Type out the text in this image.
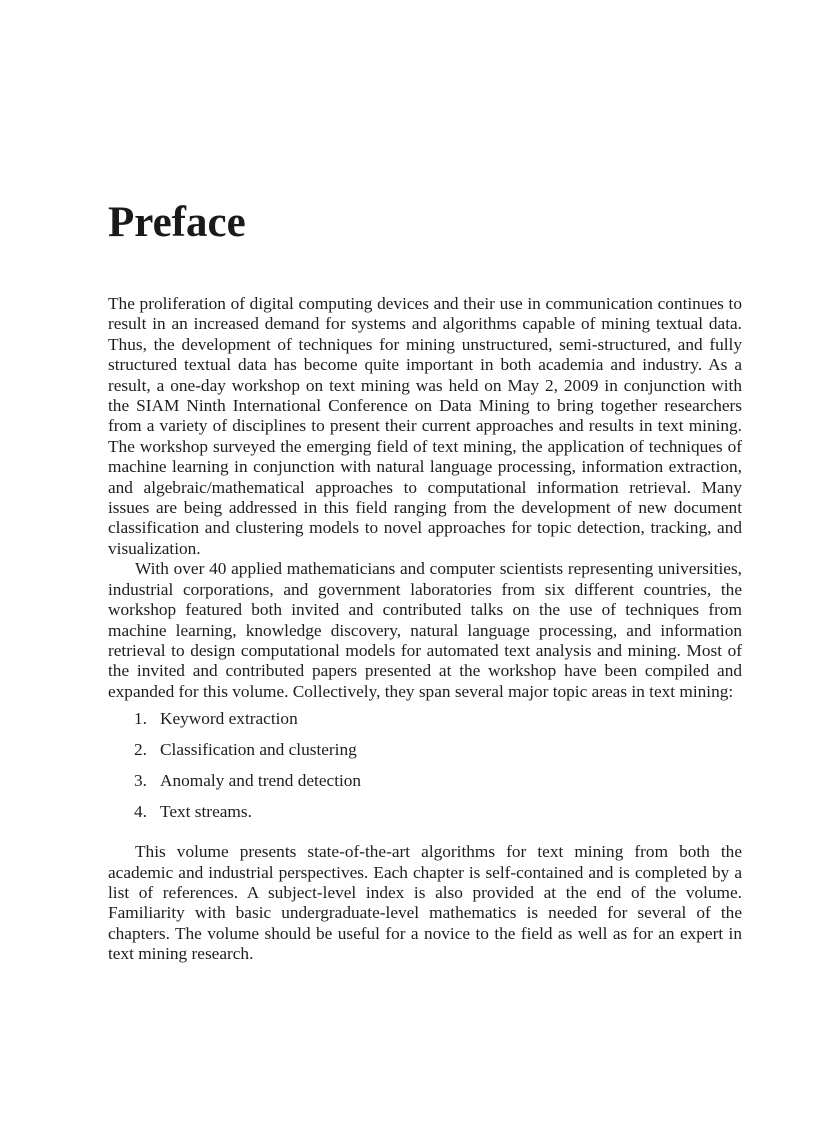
Preface

The proliferation of digital computing devices and their use in communication continues to result in an increased demand for systems and algorithms capable of mining textual data. Thus, the development of techniques for mining unstructured, semi-structured, and fully structured textual data has become quite important in both academia and industry. As a result, a one-day workshop on text mining was held on May 2, 2009 in conjunction with the SIAM Ninth International Conference on Data Mining to bring together researchers from a variety of disciplines to present their current approaches and results in text mining. The workshop surveyed the emerging field of text mining, the application of techniques of machine learning in conjunction with natural language processing, information extraction, and algebraic/mathematical approaches to computational information retrieval. Many issues are being addressed in this field ranging from the development of new document classification and clustering models to novel approaches for topic detection, tracking, and visualization.

With over 40 applied mathematicians and computer scientists representing universities, industrial corporations, and government laboratories from six different countries, the workshop featured both invited and contributed talks on the use of techniques from machine learning, knowledge discovery, natural language processing, and information retrieval to design computational models for automated text analysis and mining. Most of the invited and contributed papers presented at the workshop have been compiled and expanded for this volume. Collectively, they span several major topic areas in text mining:

1. Keyword extraction
2. Classification and clustering
3. Anomaly and trend detection
4. Text streams.

This volume presents state-of-the-art algorithms for text mining from both the academic and industrial perspectives. Each chapter is self-contained and is completed by a list of references. A subject-level index is also provided at the end of the volume. Familiarity with basic undergraduate-level mathematics is needed for several of the chapters. The volume should be useful for a novice to the field as well as for an expert in text mining research.
